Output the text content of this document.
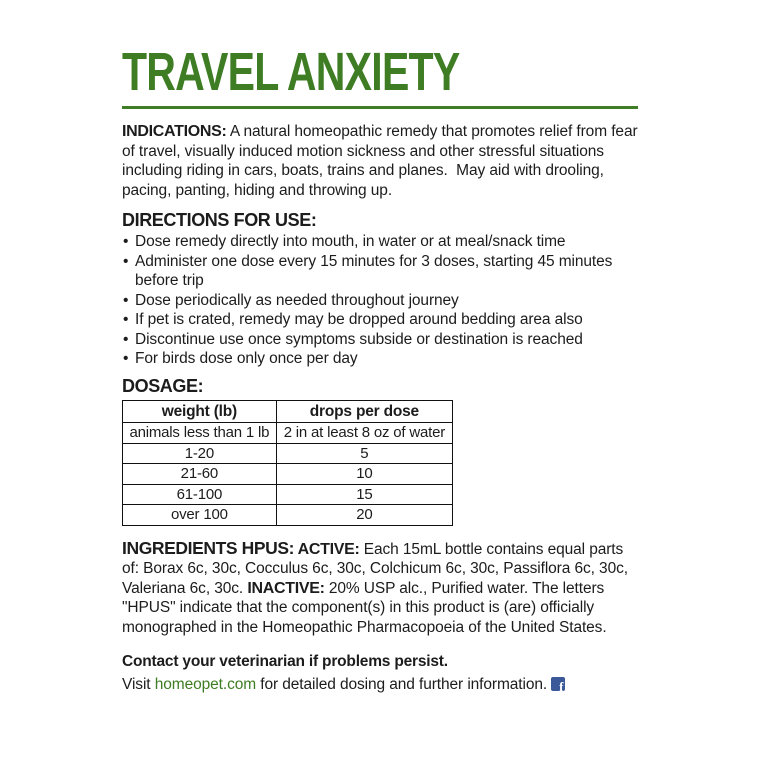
TRAVEL ANXIETY

INDICATIONS: A natural homeopathic remedy that promotes relief from fear of travel, visually induced motion sickness and other stressful situations including riding in cars, boats, trains and planes.  May aid with drooling, pacing, panting, hiding and throwing up.

DIRECTIONS FOR USE:
• Dose remedy directly into mouth, in water or at meal/snack time
• Administer one dose every 15 minutes for 3 doses, starting 45 minutes before trip
• Dose periodically as needed throughout journey
• If pet is crated, remedy may be dropped around bedding area also
• Discontinue use once symptoms subside or destination is reached
• For birds dose only once per day
DOSAGE:
weight (lb)	drops per dose
animals less than 1 lb	2 in at least 8 oz of water
1-20	5
21-60	10
61-100	15
over 100	20

INGREDIENTS HPUS: ACTIVE: Each 15mL bottle contains equal parts of: Borax 6c, 30c, Cocculus 6c, 30c, Colchicum 6c, 30c, Passiflora 6c, 30c, Valeriana 6c, 30c. INACTIVE: 20% USP alc., Purified water. The letters "HPUS" indicate that the component(s) in this product is (are) officially monographed in the Homeopathic Pharmacopoeia of the United States.

Contact your veterinarian if problems persist.

Visit homeopet.com for detailed dosing and further information. f
